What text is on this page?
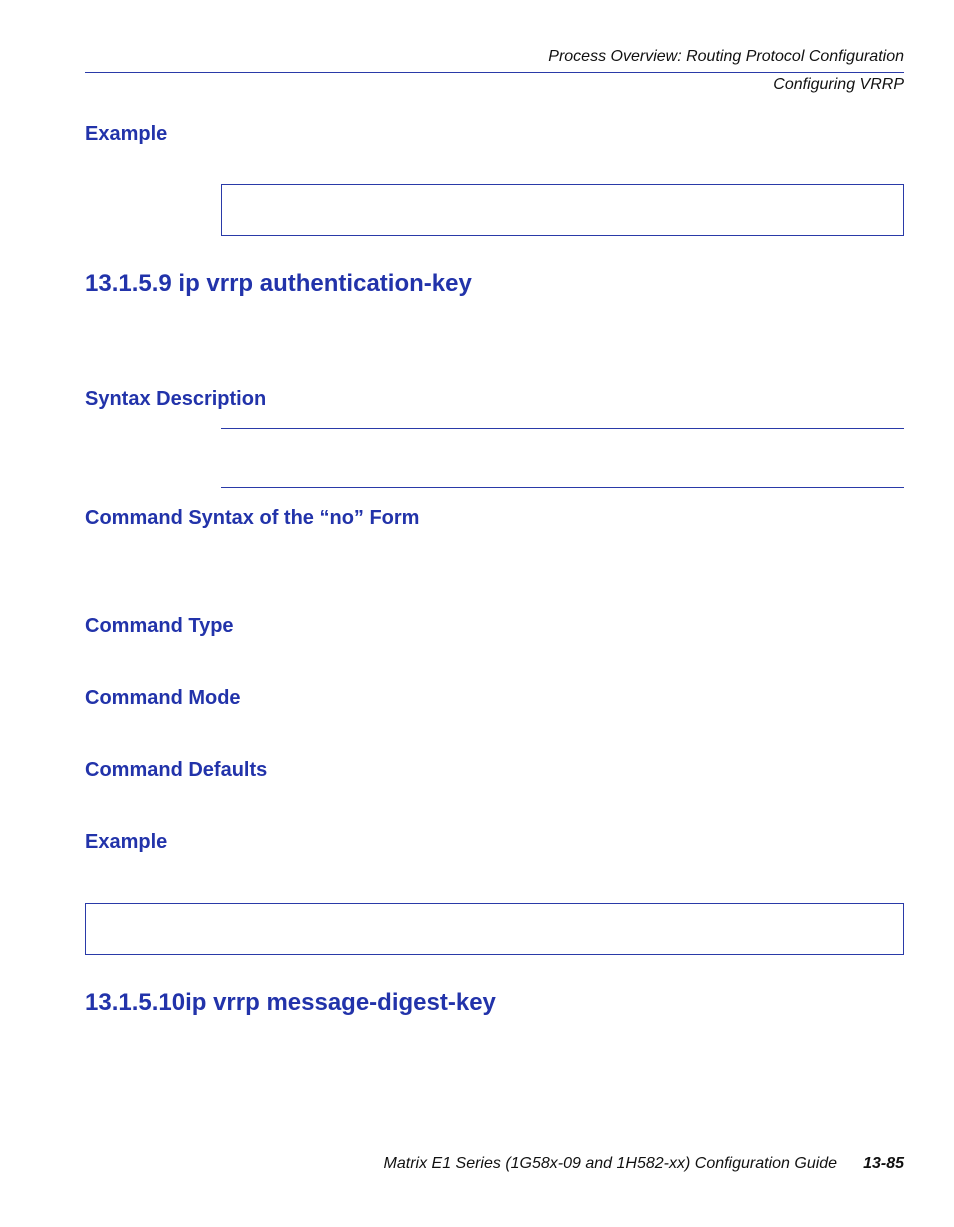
Process Overview: Routing Protocol Configuration
Configuring VRRP
Example
13.1.5.9 ip vrrp authentication-key
Syntax Description
Command Syntax of the “no” Form
Command Type
Command Mode
Command Defaults
Example
13.1.5.10ip vrrp message-digest-key
Matrix E1 Series (1G58x-09 and 1H582-xx) Configuration Guide 13-85
